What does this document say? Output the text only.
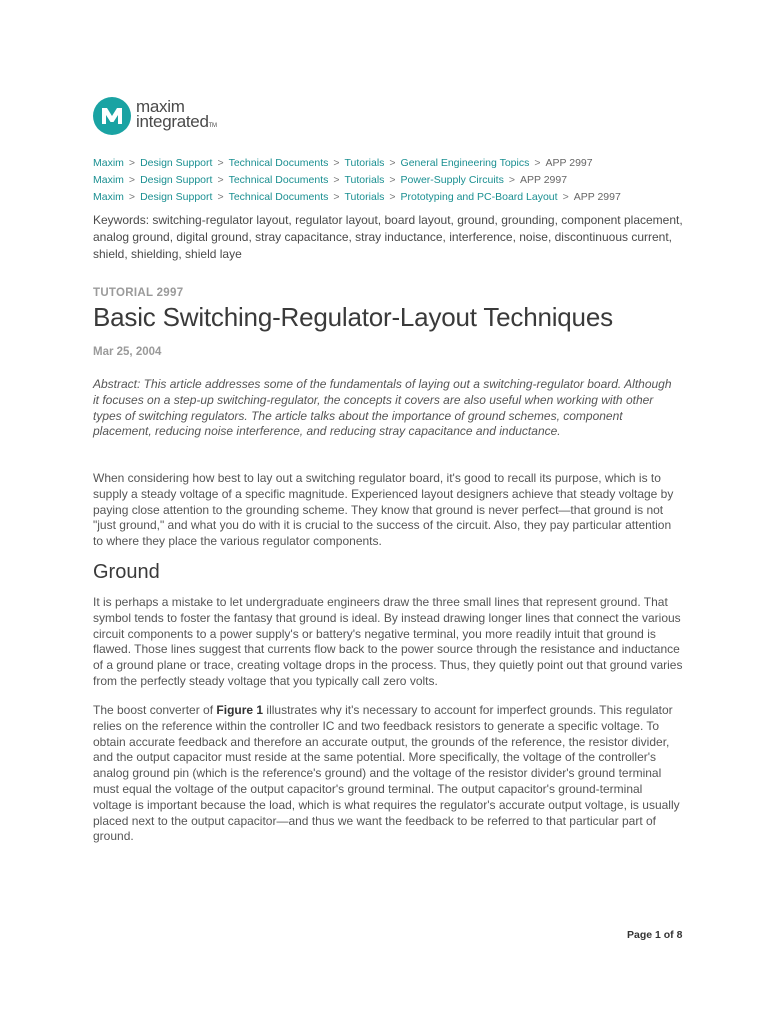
maxim
integratedTM
Maxim > Design Support > Technical Documents > Tutorials > General Engineering Topics > APP 2997
Maxim > Design Support > Technical Documents > Tutorials > Power-Supply Circuits > APP 2997
Maxim > Design Support > Technical Documents > Tutorials > Prototyping and PC-Board Layout > APP 2997
Keywords: switching-regulator layout, regulator layout, board layout, ground, grounding, component placement, analog ground, digital ground, stray capacitance, stray inductance, interference, noise, discontinuous current, shield, shielding, shield laye
TUTORIAL 2997
Basic Switching-Regulator-Layout Techniques
Mar 25, 2004

Abstract: This article addresses some of the fundamentals of laying out a switching-regulator board. Although it focuses on a step-up switching-regulator, the concepts it covers are also useful when working with other types of switching regulators. The article talks about the importance of ground schemes, component placement, reducing noise interference, and reducing stray capacitance and inductance.

When considering how best to lay out a switching regulator board, it's good to recall its purpose, which is to supply a steady voltage of a specific magnitude. Experienced layout designers achieve that steady voltage by paying close attention to the grounding scheme. They know that ground is never perfect—that ground is not "just ground," and what you do with it is crucial to the success of the circuit. Also, they pay particular attention to where they place the various regulator components.

Ground

It is perhaps a mistake to let undergraduate engineers draw the three small lines that represent ground. That symbol tends to foster the fantasy that ground is ideal. By instead drawing longer lines that connect the various circuit components to a power supply's or battery's negative terminal, you more readily intuit that ground is flawed. Those lines suggest that currents flow back to the power source through the resistance and inductance of a ground plane or trace, creating voltage drops in the process. Thus, they quietly point out that ground varies from the perfectly steady voltage that you typically call zero volts.

The boost converter of Figure 1 illustrates why it's necessary to account for imperfect grounds. This regulator relies on the reference within the controller IC and two feedback resistors to generate a specific voltage. To obtain accurate feedback and therefore an accurate output, the grounds of the reference, the resistor divider, and the output capacitor must reside at the same potential. More specifically, the voltage of the controller's analog ground pin (which is the reference's ground) and the voltage of the resistor divider's ground terminal must equal the voltage of the output capacitor's ground terminal. The output capacitor's ground-terminal voltage is important because the load, which is what requires the regulator's accurate output voltage, is usually placed next to the output capacitor—and thus we want the feedback to be referred to that particular part of ground.

Page 1 of 8
